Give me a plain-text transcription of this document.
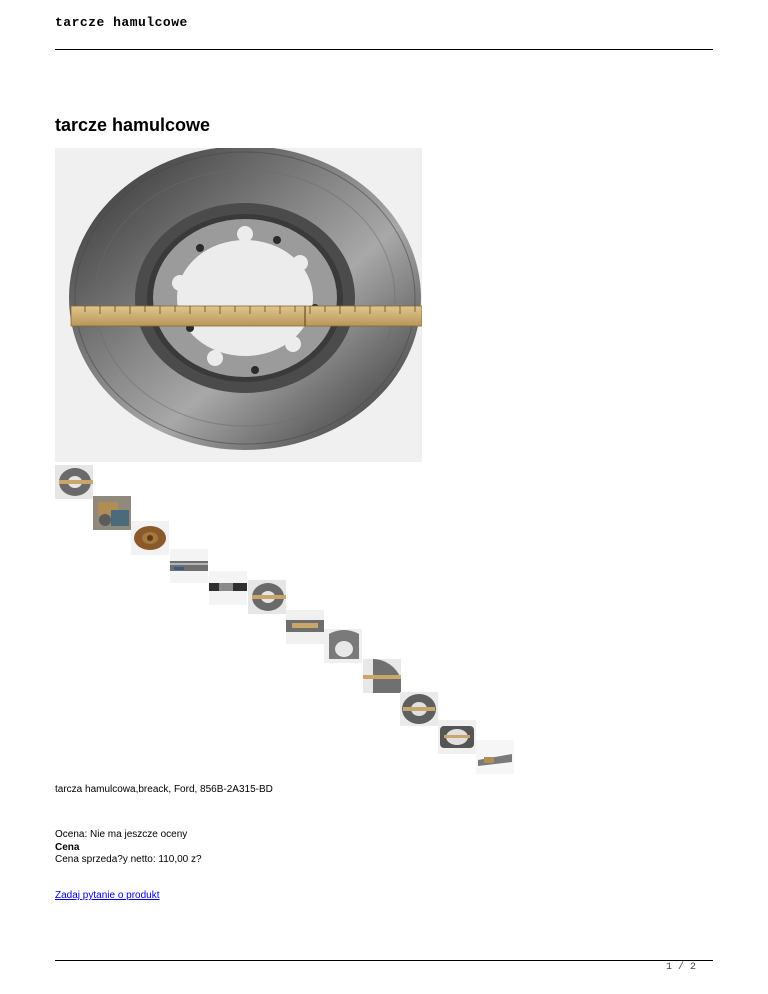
tarcze hamulcowe
tarcze hamulcowe
tarcza hamulcowa,breack, Ford, 856B-2A315-BD
Ocena: Nie ma jeszcze oceny
Cena
Cena sprzeda?y netto: 110,00 z?
Zadaj pytanie o produkt
1 / 2
